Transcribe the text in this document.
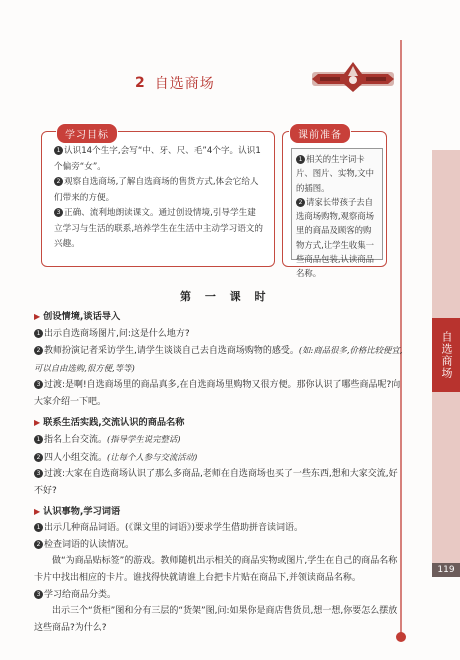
自选商场
119
2 自选商场
学习目标
1 认识14个生字,会写“中、牙、尺、毛”4个字。认识1个偏旁“女”。
2 观察自选商场,了解自选商场的售货方式,体会它给人们带来的方便。
3 正确、流利地朗读课文。通过创设情境,引导学生建立学习与生活的联系,培养学生在生活中主动学习语文的兴趣。
课前准备
1 相关的生字词卡片、图片、实物,文中的插图。
2 请家长带孩子去自选商场购物,观察商场里的商品及顾客的购物方式,让学生收集一些商品包装,认读商品名称。
第 一 课 时
▶ 创设情境,谈话导入
1 出示自选商场图片,问:这是什么地方?
2 教师扮演记者采访学生,请学生谈谈自己去自选商场购物的感受。(如:商品很多,价格比较便宜,可以自由选购,很方便,等等)
3 过渡:是啊!自选商场里的商品真多,在自选商场里购物又很方便。那你认识了哪些商品呢?向大家介绍一下吧。
▶ 联系生活实践,交流认识的商品名称
1 指名上台交流。(指导学生说完整话)
2 四人小组交流。(让每个人参与交流活动)
3 过渡:大家在自选商场认识了那么多商品,老师在自选商场也买了一些东西,想和大家交流,好不好?
▶ 认识事物,学习词语
1 出示几种商品词语。(《课文里的词语》)要求学生借助拼音读词语。
2 检查词语的认读情况。
做“为商品贴标签”的游戏。教师随机出示相关的商品实物或图片,学生在自己的商品名称卡片中找出相应的卡片。谁找得快就请谁上台把卡片贴在商品下,并领读商品名称。
3 学习给商品分类。
出示三个“货柜”图和分有三层的“货架”图,问:如果你是商店售货员,想一想,你要怎么摆放这些商品?为什么?
